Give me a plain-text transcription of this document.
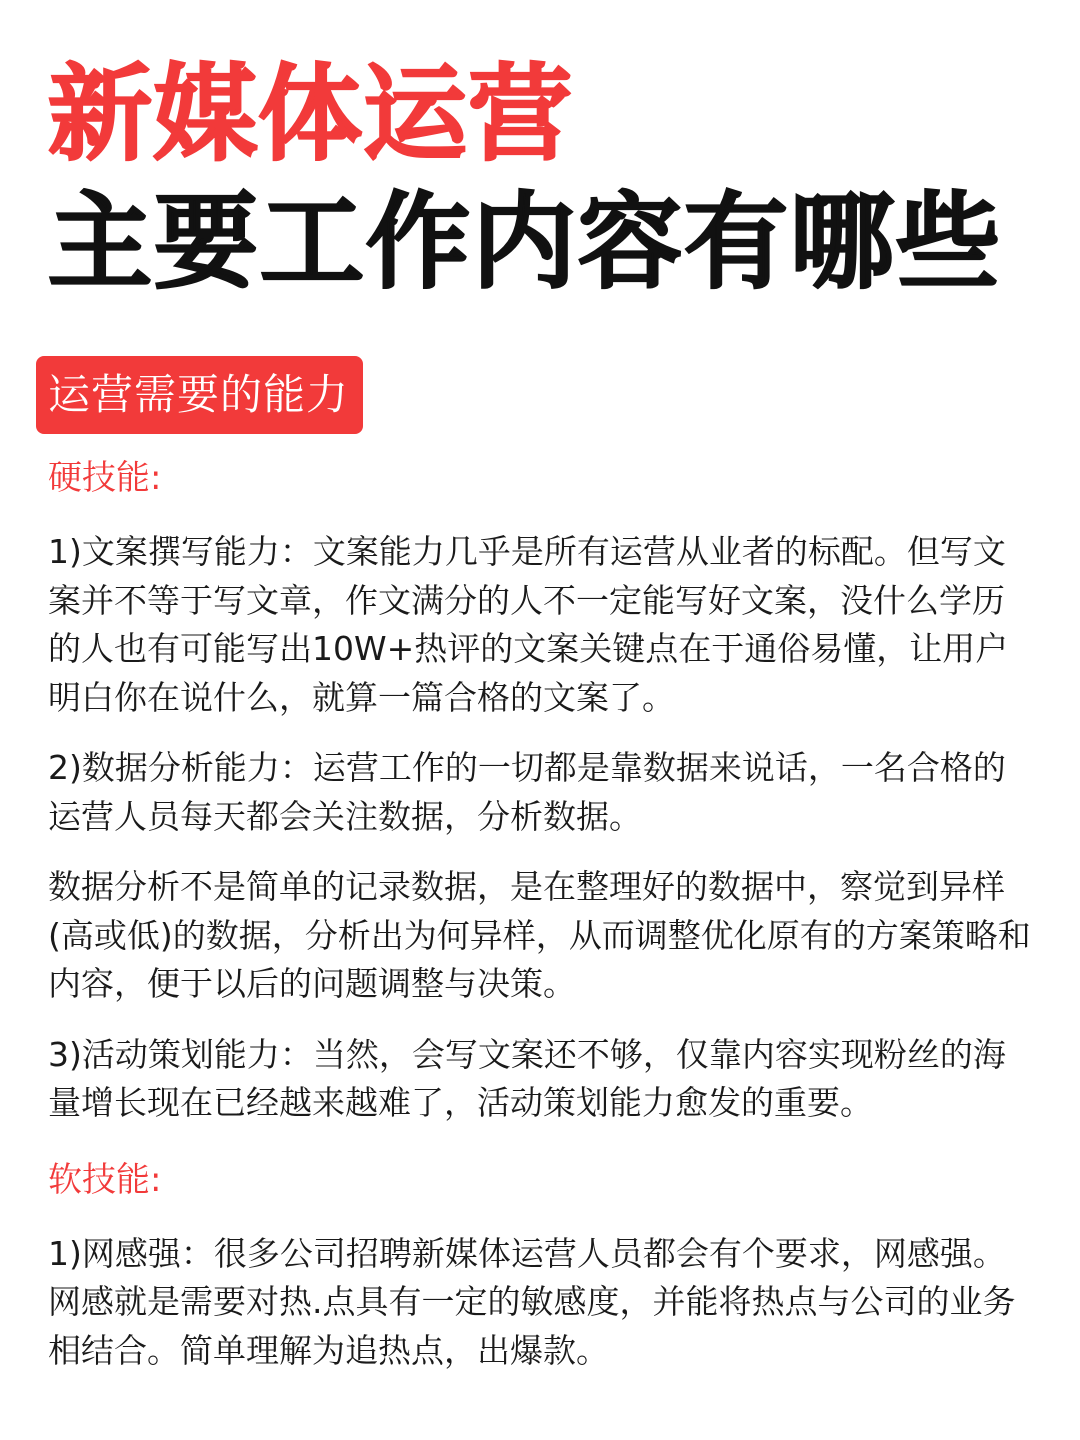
新媒体运营
主要工作内容有哪些
运营需要的能力
硬技能:

1)文案撰写能力：文案能力几乎是所有运营从业者的标配。但写文案并不等于写文章，作文满分的人不一定能写好文案，没什么学历的人也有可能写出10W+热评的文案关键点在于通俗易懂，让用户明白你在说什么，就算一篇合格的文案了。

2)数据分析能力：运营工作的一切都是靠数据来说话，一名合格的运营人员每天都会关注数据，分析数据。

数据分析不是简单的记录数据，是在整理好的数据中，察觉到异样(高或低)的数据，分析出为何异样，从而调整优化原有的方案策略和内容，便于以后的问题调整与决策。

3)活动策划能力：当然，会写文案还不够，仅靠内容实现粉丝的海量增长现在已经越来越难了，活动策划能力愈发的重要。

软技能:

1)网感强：很多公司招聘新媒体运营人员都会有个要求，网感强。网感就是需要对热.点具有一定的敏感度，并能将热点与公司的业务相结合。简单理解为追热点，出爆款。
